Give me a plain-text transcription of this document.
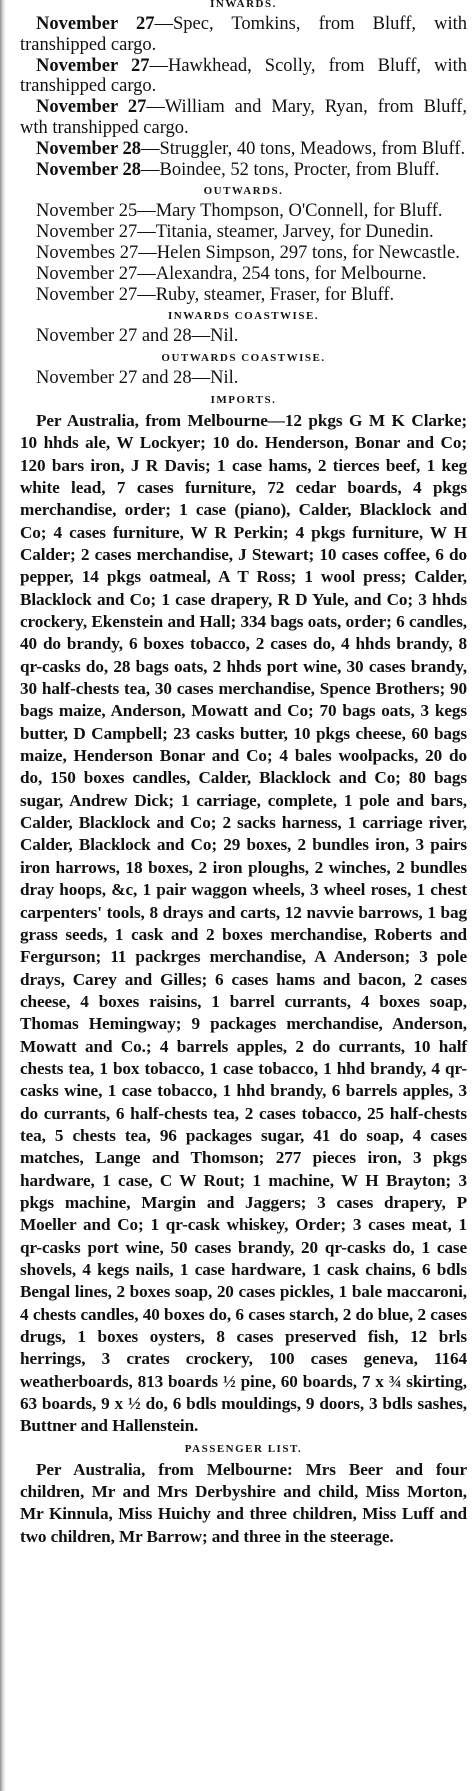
INWARDS.

November 27—Spec, Tomkins, from Bluff, with transhipped cargo.

November 27—Hawkhead, Scolly, from Bluff, with transhipped cargo.

November 27—William and Mary, Ryan, from Bluff, wth transhipped cargo.

November 28—Struggler, 40 tons, Meadows, from Bluff.

November 28—Boindee, 52 tons, Procter, from Bluff.

OUTWARDS.

November 25—Mary Thompson, O'Connell, for Bluff.

November 27—Titania, steamer, Jarvey, for Dunedin.

Novembes 27—Helen Simpson, 297 tons, for Newcastle.

November 27—Alexandra, 254 tons, for Melbourne.

November 27—Ruby, steamer, Fraser, for Bluff.

INWARDS COASTWISE.

November 27 and 28—Nil.

OUTWARDS COASTWISE.

November 27 and 28—Nil.

IMPORTS.

Per Australia, from Melbourne—12 pkgs G M K Clarke; 10 hhds ale, W Lockyer; 10 do. Henderson, Bonar and Co; 120 bars iron, J R Davis; 1 case hams, 2 tierces beef, 1 keg white lead, 7 cases furniture, 72 cedar boards, 4 pkgs merchandise, order; 1 case (piano), Calder, Blacklock and Co; 4 cases furniture, W R Perkin; 4 pkgs furniture, W H Calder; 2 cases merchandise, J Stewart; 10 cases coffee, 6 do pepper, 14 pkgs oatmeal, A T Ross; 1 wool press; Calder, Blacklock and Co; 1 case drapery, R D Yule, and Co; 3 hhds crockery, Ekenstein and Hall; 334 bags oats, order; 6 candles, 40 do brandy, 6 boxes tobacco, 2 cases do, 4 hhds brandy, 8 qr-casks do, 28 bags oats, 2 hhds port wine, 30 cases brandy, 30 half-chests tea, 30 cases merchandise, Spence Brothers; 90 bags maize, Anderson, Mowatt and Co; 70 bags oats, 3 kegs butter, D Campbell; 23 casks butter, 10 pkgs cheese, 60 bags maize, Henderson Bonar and Co; 4 bales woolpacks, 20 do do, 150 boxes candles, Calder, Blacklock and Co; 80 bags sugar, Andrew Dick; 1 carriage, complete, 1 pole and bars, Calder, Blacklock and Co; 2 sacks harness, 1 carriage river, Calder, Blacklock and Co; 29 boxes, 2 bundles iron, 3 pairs iron harrows, 18 boxes, 2 iron ploughs, 2 winches, 2 bundles dray hoops, &c, 1 pair waggon wheels, 3 wheel roses, 1 chest carpenters' tools, 8 drays and carts, 12 navvie barrows, 1 bag grass seeds, 1 cask and 2 boxes merchandise, Roberts and Fergurson; 11 packrges merchandise, A Anderson; 3 pole drays, Carey and Gilles; 6 cases hams and bacon, 2 cases cheese, 4 boxes raisins, 1 barrel currants, 4 boxes soap, Thomas Hemingway; 9 packages merchandise, Anderson, Mowatt and Co.; 4 barrels apples, 2 do currants, 10 half chests tea, 1 box tobacco, 1 case tobacco, 1 hhd brandy, 4 qr-casks wine, 1 case tobacco, 1 hhd brandy, 6 barrels apples, 3 do currants, 6 half-chests tea, 2 cases tobacco, 25 half-chests tea, 5 chests tea, 96 packages sugar, 41 do soap, 4 cases matches, Lange and Thomson; 277 pieces iron, 3 pkgs hardware, 1 case, C W Rout; 1 machine, W H Brayton; 3 pkgs machine, Margin and Jaggers; 3 cases drapery, P Moeller and Co; 1 qr-cask whiskey, Order; 3 cases meat, 1 qr-casks port wine, 50 cases brandy, 20 qr-casks do, 1 case shovels, 4 kegs nails, 1 case hardware, 1 cask chains, 6 bdls Bengal lines, 2 boxes soap, 20 cases pickles, 1 bale maccaroni, 4 chests candles, 40 boxes do, 6 cases starch, 2 do blue, 2 cases drugs, 1 boxes oysters, 8 cases preserved fish, 12 brls herrings, 3 crates crockery, 100 cases geneva, 1164 weatherboards, 813 boards ½ pine, 60 boards, 7 x ¾ skirting, 63 boards, 9 x ½ do, 6 bdls mouldings, 9 doors, 3 bdls sashes, Buttner and Hallenstein.

PASSENGER LIST.

Per Australia, from Melbourne: Mrs Beer and four children, Mr and Mrs Derbyshire and child, Miss Morton, Mr Kinnula, Miss Huichy and three children, Miss Luff and two children, Mr Barrow; and three in the steerage.
